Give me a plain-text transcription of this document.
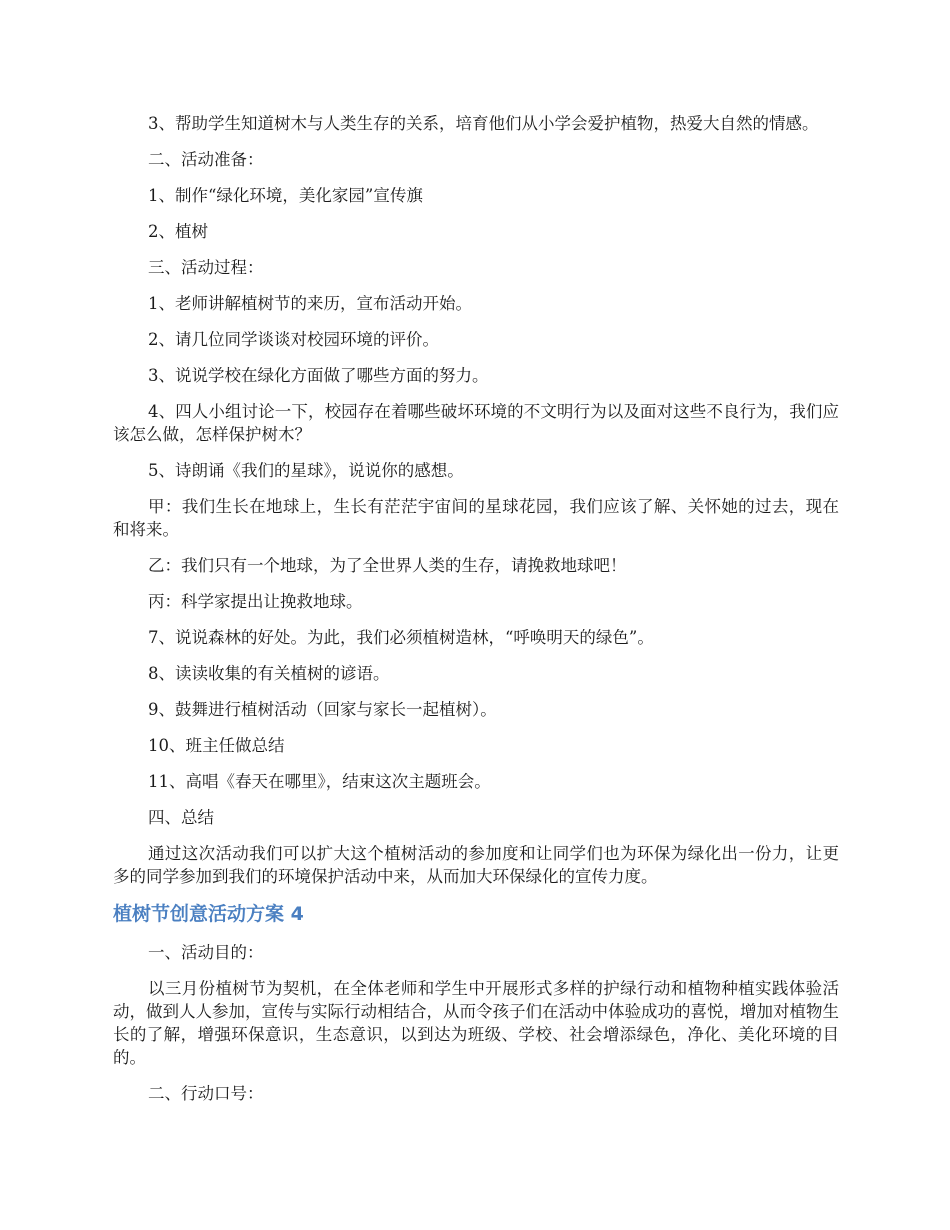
3、帮助学生知道树木与人类生存的关系，培育他们从小学会爱护植物，热爱大自然的情感。

二、活动准备：

1、制作“绿化环境，美化家园”宣传旗

2、植树

三、活动过程：

1、老师讲解植树节的来历，宣布活动开始。

2、请几位同学谈谈对校园环境的评价。

3、说说学校在绿化方面做了哪些方面的努力。

4、四人小组讨论一下，校园存在着哪些破坏环境的不文明行为以及面对这些不良行为，我们应该怎么做，怎样保护树木？

5、诗朗诵《我们的星球》，说说你的感想。

甲：我们生长在地球上，生长有茫茫宇宙间的星球花园，我们应该了解、关怀她的过去，现在和将来。

乙：我们只有一个地球，为了全世界人类的生存，请挽救地球吧！

丙：科学家提出让挽救地球。

7、说说森林的好处。为此，我们必须植树造林，“呼唤明天的绿色”。

8、读读收集的有关植树的谚语。

9、鼓舞进行植树活动（回家与家长一起植树）。

10、班主任做总结

11、高唱《春天在哪里》，结束这次主题班会。

四、总结

通过这次活动我们可以扩大这个植树活动的参加度和让同学们也为环保为绿化出一份力，让更多的同学参加到我们的环境保护活动中来，从而加大环保绿化的宣传力度。

植树节创意活动方案 4

一、活动目的：

以三月份植树节为契机，在全体老师和学生中开展形式多样的护绿行动和植物种植实践体验活动，做到人人参加，宣传与实际行动相结合，从而令孩子们在活动中体验成功的喜悦，增加对植物生长的了解，增强环保意识，生态意识，以到达为班级、学校、社会增添绿色，净化、美化环境的目的。

二、行动口号：
